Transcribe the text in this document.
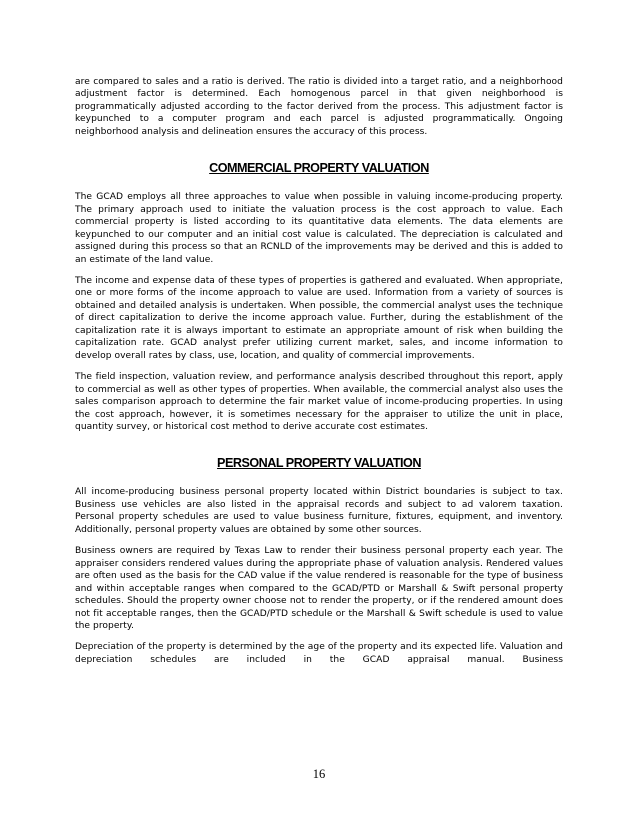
are compared to sales and a ratio is derived. The ratio is divided into a target ratio, and a neighborhood adjustment factor is determined. Each homogenous parcel in that given neighborhood is programmatically adjusted according to the factor derived from the process. This adjustment factor is keypunched to a computer program and each parcel is adjusted programmatically. Ongoing neighborhood analysis and delineation ensures the accuracy of this process.

COMMERCIAL PROPERTY VALUATION

The GCAD employs all three approaches to value when possible in valuing income-producing property. The primary approach used to initiate the valuation process is the cost approach to value. Each commercial property is listed according to its quantitative data elements. The data elements are keypunched to our computer and an initial cost value is calculated. The depreciation is calculated and assigned during this process so that an RCNLD of the improvements may be derived and this is added to an estimate of the land value.

The income and expense data of these types of properties is gathered and evaluated. When appropriate, one or more forms of the income approach to value are used. Information from a variety of sources is obtained and detailed analysis is undertaken. When possible, the commercial analyst uses the technique of direct capitalization to derive the income approach value. Further, during the establishment of the capitalization rate it is always important to estimate an appropriate amount of risk when building the capitalization rate. GCAD analyst prefer utilizing current market, sales, and income information to develop overall rates by class, use, location, and quality of commercial improvements.

The field inspection, valuation review, and performance analysis described throughout this report, apply to commercial as well as other types of properties. When available, the commercial analyst also uses the sales comparison approach to determine the fair market value of income-producing properties. In using the cost approach, however, it is sometimes necessary for the appraiser to utilize the unit in place, quantity survey, or historical cost method to derive accurate cost estimates.

PERSONAL PROPERTY VALUATION

All income-producing business personal property located within District boundaries is subject to tax. Business use vehicles are also listed in the appraisal records and subject to ad valorem taxation. Personal property schedules are used to value business furniture, fixtures, equipment, and inventory. Additionally, personal property values are obtained by some other sources.

Business owners are required by Texas Law to render their business personal property each year. The appraiser considers rendered values during the appropriate phase of valuation analysis. Rendered values are often used as the basis for the CAD value if the value rendered is reasonable for the type of business and within acceptable ranges when compared to the GCAD/PTD or Marshall & Swift personal property schedules. Should the property owner choose not to render the property, or if the rendered amount does not fit acceptable ranges, then the GCAD/PTD schedule or the Marshall & Swift schedule is used to value the property.

Depreciation of the property is determined by the age of the property and its expected life. Valuation and depreciation schedules are included in the GCAD appraisal manual. Business

16
